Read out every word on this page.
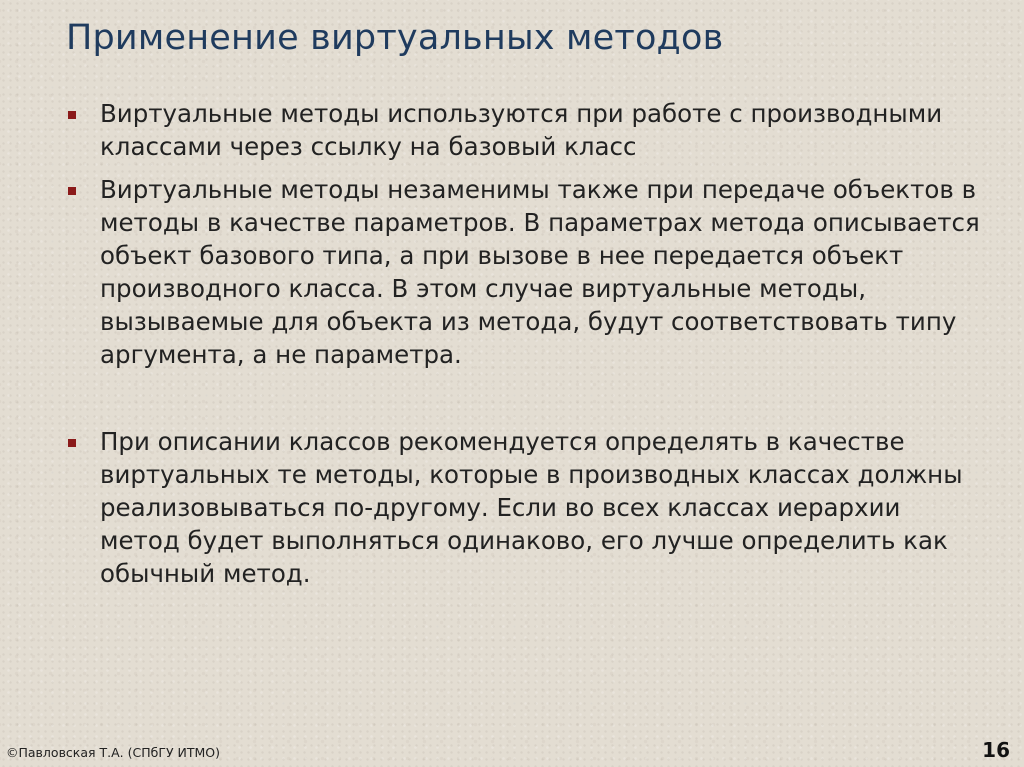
Применение виртуальных методов
Виртуальные методы используются при работе с производными классами через ссылку на базовый класс
Виртуальные методы незаменимы также при передаче объектов в методы в качестве параметров. В параметрах метода описывается объект базового типа, а при вызове в нее передается объект производного класса. В этом случае виртуальные методы, вызываемые для объекта из метода, будут соответствовать типу аргумента, а не параметра.
При описании классов рекомендуется определять в качестве виртуальных те методы, которые в производных классах должны реализовываться по-другому. Если во всех классах иерархии метод будет выполняться одинаково, его лучше определить как обычный метод.
©Павловская Т.А. (СПбГУ ИТМО)	16
